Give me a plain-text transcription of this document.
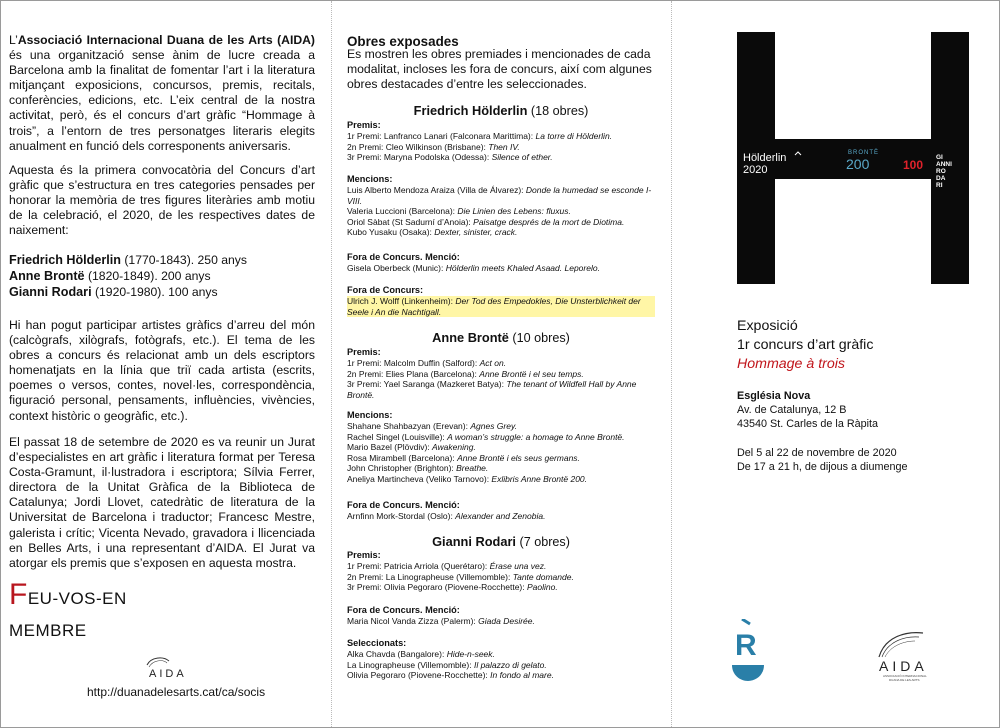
L’Associació Internacional Duana de les Arts (AIDA) és una organització sense ànim de lucre creada a Barcelona amb la finalitat de fomentar l’art i la literatura mitjançant exposicions, concursos, premis, recitals, conferències, edicions, etc. L’eix central de la nostra activitat, però, és el concurs d’art gràfic “Hommage à trois”, a l’entorn de tres personatges literaris elegits anualment en funció dels corresponents aniversaris.

Aquesta és la primera convocatòria del Concurs d’art gràfic que s’estructura en tres categories pensades per honorar la memòria de tres figures literàries amb motiu de la celebració, el 2020, de les respectives dates de naixement:

Friedrich Hölderlin (1770-1843). 250 anys
Anne Brontë (1820-1849). 200 anys
Gianni Rodari (1920-1980). 100 anys

Hi han pogut participar artistes gràfics d’arreu del món (calcògrafs, xilògrafs, fotògrafs, etc.). El tema de les obres a concurs és relacionat amb un dels escriptors homenatjats en la línia que triï cada artista (escrits, poemes o versos, contes, novel·les, correspondència, figuració personal, pensaments, influències, vivències, context històric o geogràfic, etc.).

El passat 18 de setembre de 2020 es va reunir un Jurat d’especialistes en art gràfic i literatura format per Teresa Costa-Gramunt, il·lustradora i escriptora; Sílvia Ferrer, directora de la Unitat Gràfica de la Biblioteca de Catalunya; Jordi Llovet, catedràtic de literatura de la Universitat de Barcelona i traductor; Francesc Mestre, galerista i crític; Vicenta Nevado, gravadora i llicenciada en Belles Arts, i una representant d’AIDA. El Jurat va atorgar els premis que s’exposen en aquesta mostra.

FEU-VOS-EN
MEMBRE
AIDA
http://duanadelesarts.cat/ca/socis
Obres exposades

Es mostren les obres premiades i mencionades de cada modalitat, incloses les fora de concurs, així com algunes obres destacades d’entre les seleccionades.

Friedrich Hölderlin (18 obres)
Premis:
1r Premi: Lanfranco Lanari (Falconara Marittima): La torre di Hölderlin.
2n Premi: Cleo Wilkinson (Brisbane): Then IV.
3r Premi: Maryna Podolska (Odessa): Silence of ether.
Mencions:
Luis Alberto Mendoza Araiza (Villa de Álvarez): Donde la humedad se esconde I-VIII.
Valeria Luccioni (Barcelona): Die Linien des Lebens: fluxus.
Oriol Sàbat (St Sadurní d’Anoia): Paisatge després de la mort de Diotima.
Kubo Yusaku (Osaka): Dexter, sinister, crack.
Fora de Concurs. Menció:
Gisela Oberbeck (Munic): Hölderlin meets Khaled Asaad. Leporelo.
Fora de Concurs:
Ulrich J. Wolff (Linkenheim): Der Tod des Empedokles, Die Unsterblichkeit der Seele i An die Nachtigall.
Anne Brontë (10 obres)
Premis:
1r Premi: Malcolm Duffin (Salford): Act on.
2n Premi: Elies Plana (Barcelona): Anne Brontë i el seu temps.
3r Premi: Yael Saranga (Mazkeret Batya): The tenant of Wildfell Hall by Anne Brontë.
Mencions:
Shahane Shahbazyan (Erevan): Agnes Grey.
Rachel Singel (Louisville): A woman’s struggle: a homage to Anne Brontë.
Mario Bazel (Plövdiv): Awakening.
Rosa Mirambell (Barcelona): Anne Brontë i els seus germans.
John Christopher (Brighton): Breathe.
Aneliya Martincheva (Veliko Tarnovo): Exlibris Anne Brontë 200.
Fora de Concurs. Menció:
Arnfinn Mork-Stordal (Oslo): Alexander and Zenobia.
Gianni Rodari (7 obres)
Premis:
1r Premi: Patricia Arriola (Querétaro): Érase una vez.
2n Premi: La Linographeuse (Villemomble): Tante domande.
3r Premi: Olivia Pegoraro (Piovene-Rocchette): Paolino.
Fora de Concurs. Menció:
Maria Nicol Vanda Zizza (Palerm): Giada Desirée.
Seleccionats:
Alka Chavda (Bangalore): Hide-n-seek.
La Linographeuse (Villemomble): Il palazzo di gelato.
Olivia Pegoraro (Piovene-Rocchette): In fondo al mare.
Hölderlin
2020
BRONTË
200	100
GI
ANNI
RO
DA
RI
Exposició
1r concurs d’art gràfic
Hommage à trois
Església Nova
Av. de Catalunya, 12 B
43540 St. Carles de la Ràpita
Del 5 al 22 de novembre de 2020
De 17 a 21 h, de dijous a diumenge
R
AIDA
ASSOCIACIÓ INTERNACIONAL
DUANA DE LES ARTS
